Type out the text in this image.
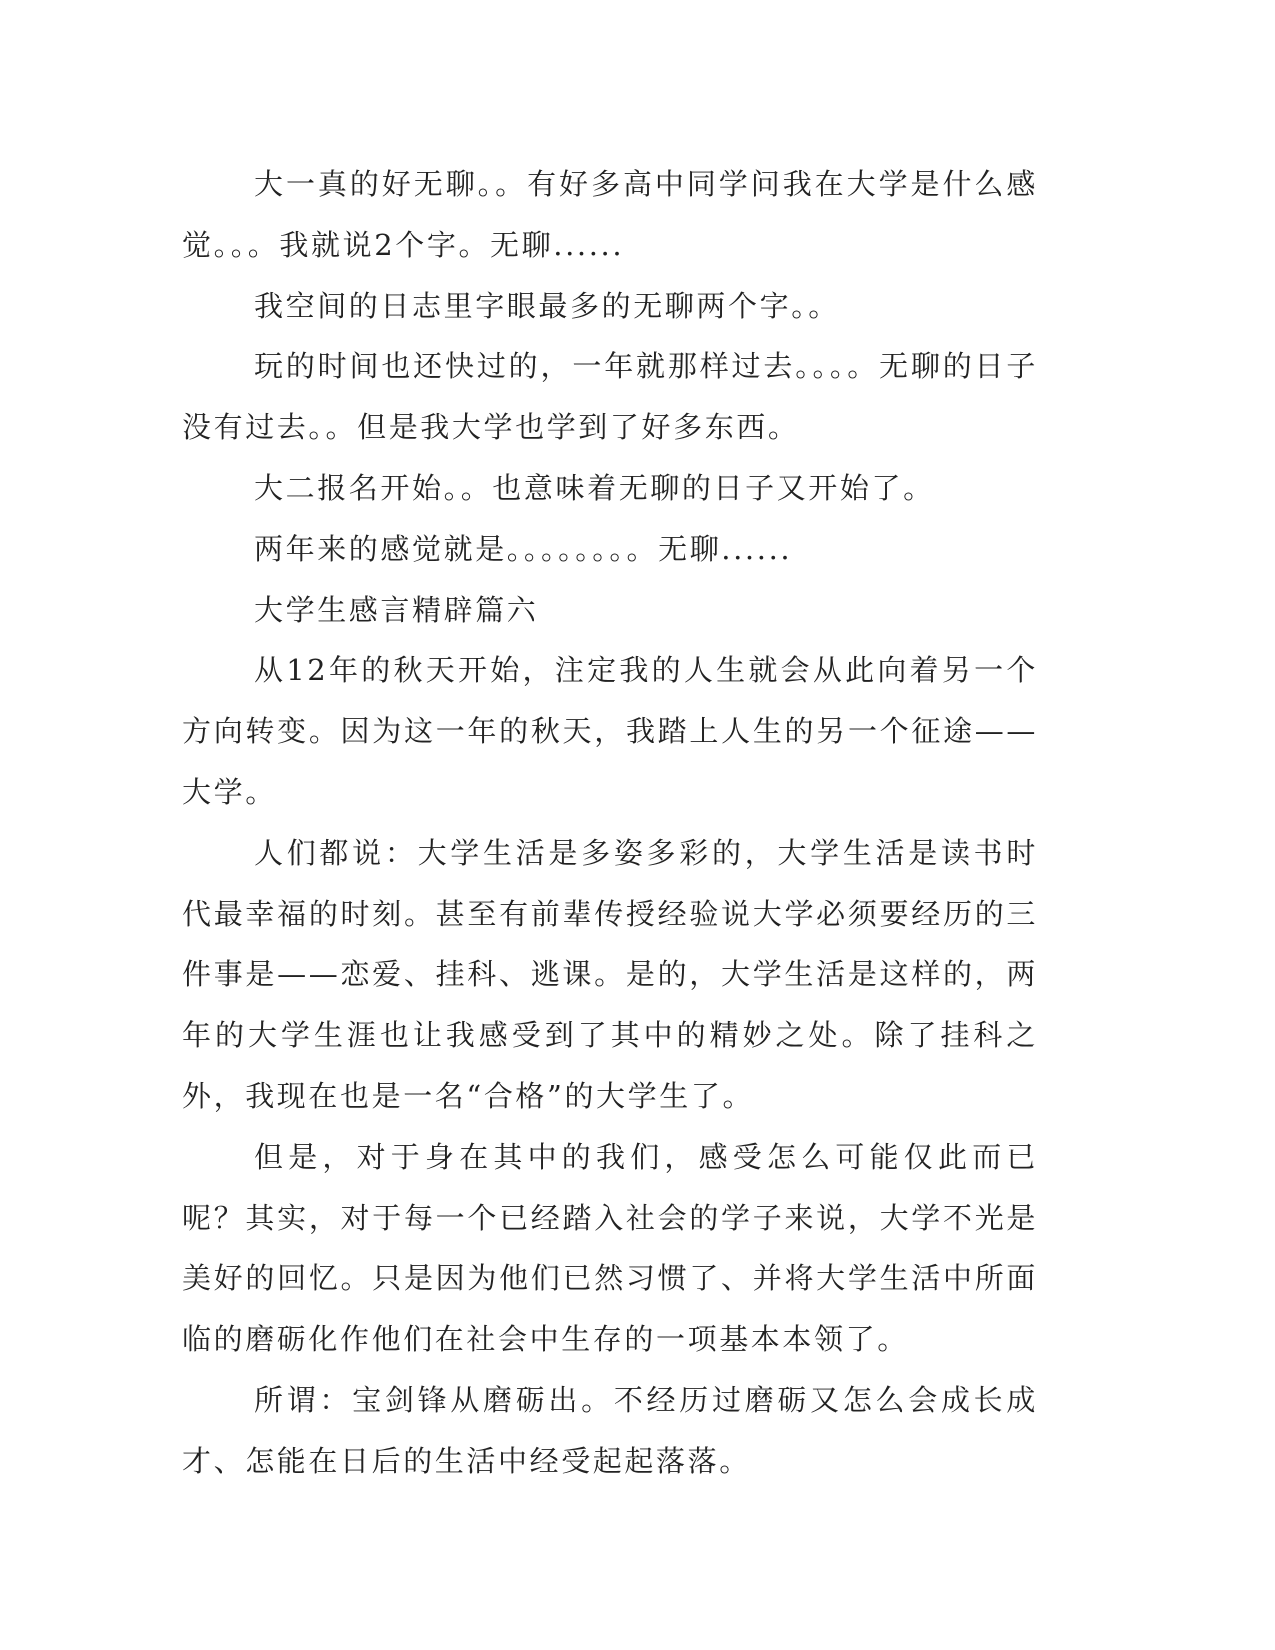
大一真的好无聊。。有好多高中同学问我在大学是什么感觉。。。我就说2个字。无聊......

我空间的日志里字眼最多的无聊两个字。。

玩的时间也还快过的，一年就那样过去。。。。无聊的日子没有过去。。但是我大学也学到了好多东西。

大二报名开始。。也意味着无聊的日子又开始了。

两年来的感觉就是。。。。。。。。无聊......

大学生感言精辟篇六

从12年的秋天开始，注定我的人生就会从此向着另一个方向转变。因为这一年的秋天，我踏上人生的另一个征途——大学。

人们都说：大学生活是多姿多彩的，大学生活是读书时代最幸福的时刻。甚至有前辈传授经验说大学必须要经历的三件事是——恋爱、挂科、逃课。是的，大学生活是这样的，两年的大学生涯也让我感受到了其中的精妙之处。除了挂科之外，我现在也是一名“合格”的大学生了。

但是，对于身在其中的我们，感受怎么可能仅此而已呢？其实，对于每一个已经踏入社会的学子来说，大学不光是美好的回忆。只是因为他们已然习惯了、并将大学生活中所面临的磨砺化作他们在社会中生存的一项基本本领了。

所谓：宝剑锋从磨砺出。不经历过磨砺又怎么会成长成才、怎能在日后的生活中经受起起落落。
